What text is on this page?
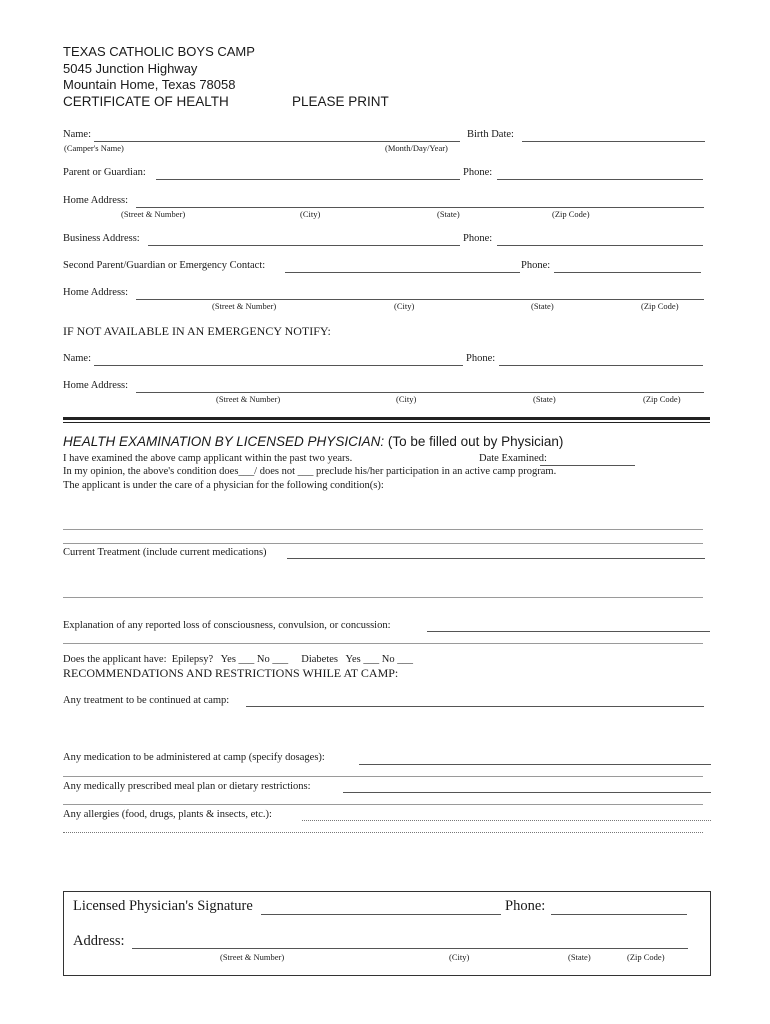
TEXAS CATHOLIC BOYS CAMP
5045 Junction Highway
Mountain Home, Texas 78058
CERTIFICATE OF HEALTH	PLEASE PRINT
Name:	Birth Date:
(Camper's Name)	(Month/Day/Year)
Parent or Guardian:	Phone:
Home Address:
(Street & Number)	(City)	(State)	(Zip Code)
Business Address:	Phone:
Second Parent/Guardian or Emergency Contact:	Phone:
Home Address:
(Street & Number)	(City)	(State)	(Zip Code)
IF NOT AVAILABLE IN AN EMERGENCY NOTIFY:
Name:	Phone:
Home Address:
(Street & Number)	(City)	(State)	(Zip Code)
HEALTH EXAMINATION BY LICENSED PHYSICIAN: (To be filled out by Physician)
I have examined the above camp applicant within the past two years.	Date Examined:
In my opinion, the above's condition does___/ does not ___ preclude his/her participation in an active camp program.
The applicant is under the care of a physician for the following condition(s):
Current Treatment (include current medications)
Explanation of any reported loss of consciousness, convulsion, or concussion:
Does the applicant have:  Epilepsy?   Yes ___ No ___     Diabetes   Yes ___ No ___
RECOMMENDATIONS AND RESTRICTIONS WHILE AT CAMP:
Any treatment to be continued at camp:
Any medication to be administered at camp (specify dosages):
Any medically prescribed meal plan or dietary restrictions:
Any allergies (food, drugs, plants & insects, etc.):
Licensed Physician's Signature	Phone:
Address:
(Street & Number)	(City)	(State)	(Zip Code)
